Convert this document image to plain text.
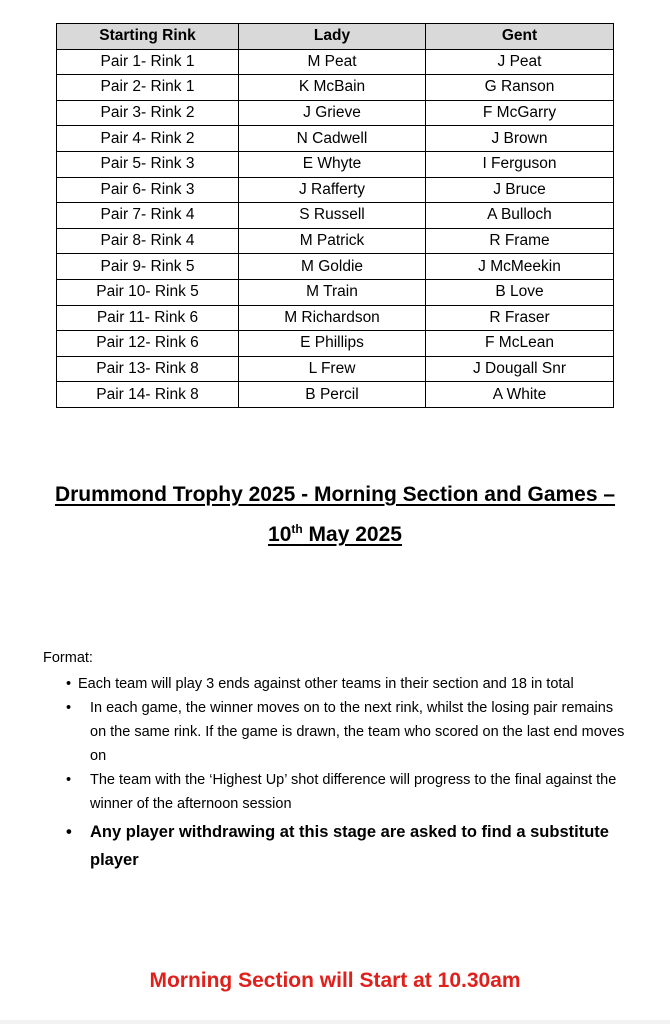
Starting Rink	Lady	Gent
Pair 1- Rink 1	M Peat	J Peat
Pair 2- Rink 1	K McBain	G Ranson
Pair 3- Rink 2	J Grieve	F McGarry
Pair 4- Rink 2	N Cadwell	J Brown
Pair 5- Rink 3	E Whyte	I Ferguson
Pair 6- Rink 3	J Rafferty	J Bruce
Pair 7- Rink 4	S Russell	A Bulloch
Pair 8- Rink 4	M Patrick	R Frame
Pair 9- Rink 5	M Goldie	J McMeekin
Pair 10- Rink 5	M Train	B Love
Pair 11- Rink 6	M Richardson	R Fraser
Pair 12- Rink 6	E Phillips	F McLean
Pair 13- Rink 8	L Frew	J Dougall Snr
Pair 14- Rink 8	B Percil	A White
Drummond Trophy 2025 - Morning Section and Games –
10th May 2025
Format:
• Each team will play 3 ends against other teams in their section and 18 in total
• In each game, the winner moves on to the next rink, whilst the losing pair remains on the same rink. If the game is drawn, the team who scored on the last end moves on
• The team with the ‘Highest Up’ shot difference will progress to the final against the winner of the afternoon session
• Any player withdrawing at this stage are asked to find a substitute player
Morning Section will Start at 10.30am
